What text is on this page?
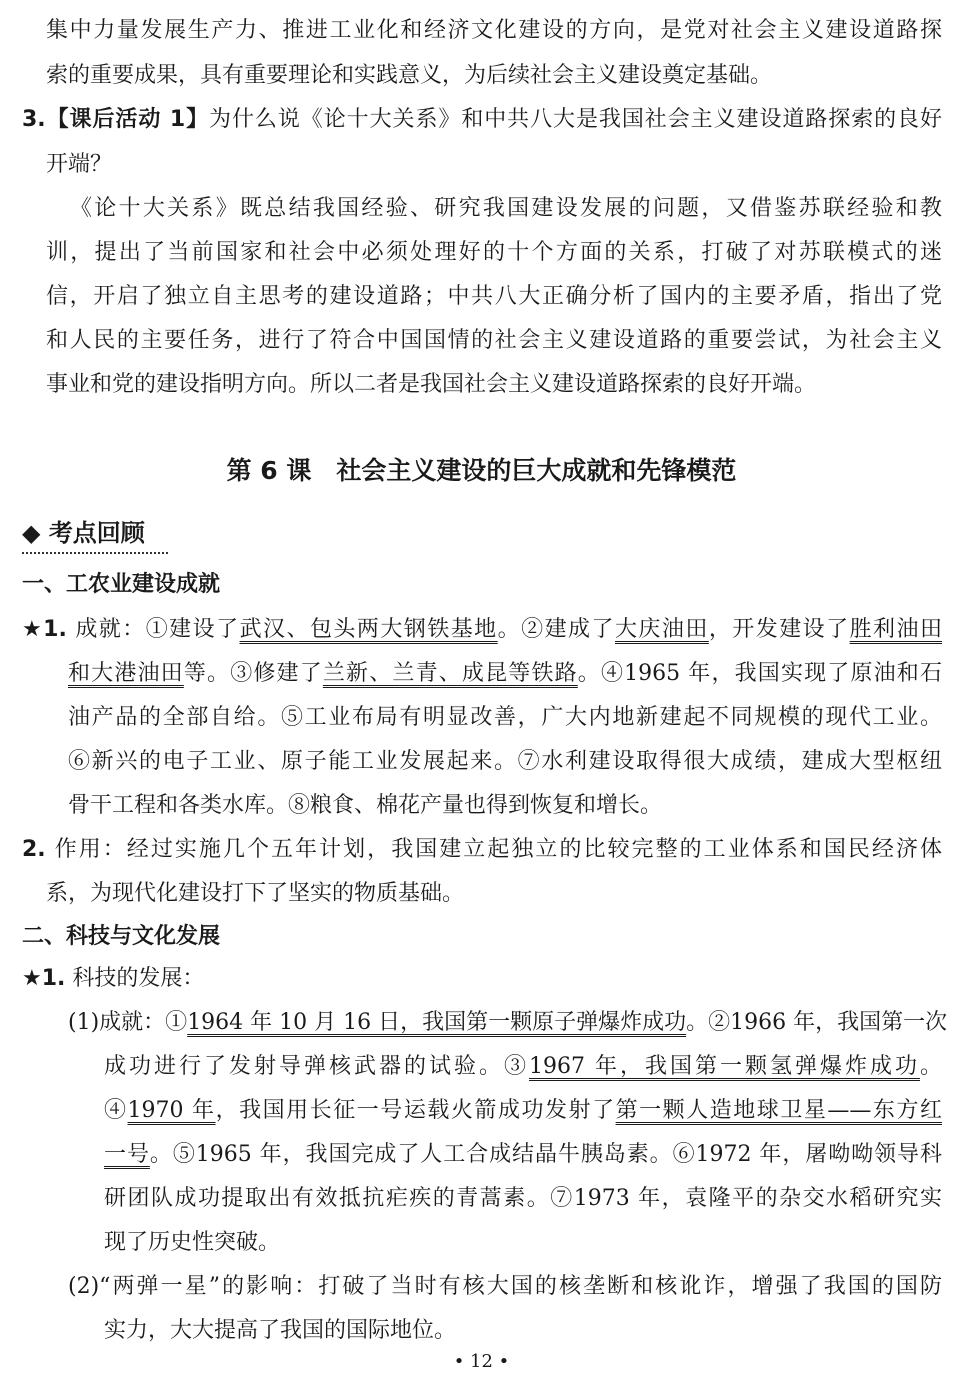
集中力量发展生产力、推进工业化和经济文化建设的方向，是党对社会主义建设道路探
索的重要成果，具有重要理论和实践意义，为后续社会主义建设奠定基础。
3.【课后活动 1】为什么说《论十大关系》和中共八大是我国社会主义建设道路探索的良好
开端？
《论十大关系》既总结我国经验、研究我国建设发展的问题，又借鉴苏联经验和教
训，提出了当前国家和社会中必须处理好的十个方面的关系，打破了对苏联模式的迷
信，开启了独立自主思考的建设道路；中共八大正确分析了国内的主要矛盾，指出了党
和人民的主要任务，进行了符合中国国情的社会主义建设道路的重要尝试，为社会主义
事业和党的建设指明方向。所以二者是我国社会主义建设道路探索的良好开端。
第 6 课　社会主义建设的巨大成就和先锋模范
◆ 考点回顾
一、工农业建设成就
★1. 成就：①建设了武汉、包头两大钢铁基地。②建成了大庆油田，开发建设了胜利油田
和大港油田等。③修建了兰新、兰青、成昆等铁路。④1965 年，我国实现了原油和石
油产品的全部自给。⑤工业布局有明显改善，广大内地新建起不同规模的现代工业。
⑥新兴的电子工业、原子能工业发展起来。⑦水利建设取得很大成绩，建成大型枢纽
骨干工程和各类水库。⑧粮食、棉花产量也得到恢复和增长。
2. 作用：经过实施几个五年计划，我国建立起独立的比较完整的工业体系和国民经济体
系，为现代化建设打下了坚实的物质基础。
二、科技与文化发展
★1. 科技的发展：
(1)成就：①1964 年 10 月 16 日，我国第一颗原子弹爆炸成功。②1966 年，我国第一次
成功进行了发射导弹核武器的试验。③1967 年，我国第一颗氢弹爆炸成功。
④1970 年，我国用长征一号运载火箭成功发射了第一颗人造地球卫星——东方红
一号。⑤1965 年，我国完成了人工合成结晶牛胰岛素。⑥1972 年，屠呦呦领导科
研团队成功提取出有效抵抗疟疾的青蒿素。⑦1973 年，袁隆平的杂交水稻研究实
现了历史性突破。
(2)“两弹一星”的影响：打破了当时有核大国的核垄断和核讹诈，增强了我国的国防
实力，大大提高了我国的国际地位。
• 12 •
